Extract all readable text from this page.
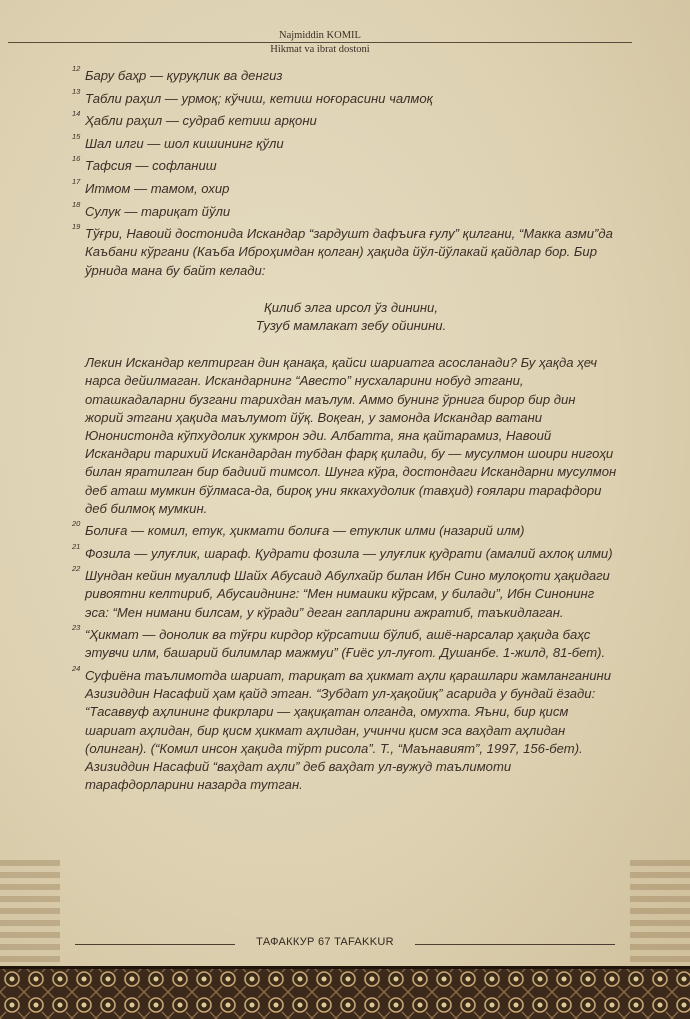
Najmiddin KOMIL
Hikmat va ibrat dostoni
12 Бару баҳр — қуруқлик ва денгиз

13 Табли раҳил — урмоқ; кўчиш, кетиш ноғорасини чалмоқ

14 Ҳабли раҳил — судраб кетиш арқони

15 Шал илги — шол кишининг қўли

16 Тафсия — софланиш

17 Итмом — тамом, охир

18 Сулук — тариқат йўли

19 Тўғри, Навоий достонида Искандар “зардушт дафъиға ғулу” қилгани, “Макка азми”да Каъбани кўргани (Каъба Иброҳимдан қолган) ҳақида йўл-йўлакай қайдлар бор. Бир ўрнида мана бу байт келади:

Қилиб элга ирсол ўз динини,
Тузуб мамлакат зебу ойинини.

Лекин Искандар келтирган дин қанақа, қайси шариатга асосланади? Бу ҳақда ҳеч нарса дейилмаган. Искандарнинг “Авесто” нусхаларини нобуд этгани, оташкадаларни бузгани тарихдан маълум. Аммо бунинг ўрнига бирор бир дин жорий этгани ҳақида маълумот йўқ. Воқеан, у замонда Искандар ватани Юнонистонда кўпхудолик ҳукмрон эди. Албатта, яна қайтарамиз, Навоий Искандари тарихий Искандардан тубдан фарқ қилади, бу — мусулмон шоири нигоҳи билан яратилган бир бадиий тимсол. Шунга кўра, достондаги Искандарни мусулмон деб аташ мумкин бўлмаса-да, бироқ уни яккахудолик (тавҳид) ғоялари тарафдори деб билмоқ мумкин.

20 Болиға — комил, етук, ҳикмати болиға — етуклик илми (назарий илм)

21 Фозила — улуғлик, шараф. Қудрати фозила — улуғлик қудрати (амалий ахлоқ илми)

22 Шундан кейин муаллиф Шайх Абусаид Абулхайр билан Ибн Сино мулоқоти ҳақидаги ривоятни келтириб, Абусаиднинг: “Мен нимаики кўрсам, у билади”, Ибн Синонинг эса: “Мен нимани билсам, у кўради” деган гапларини ажратиб, таъкидлаган.

23 “Ҳикмат — донолик ва тўғри кирдор кўрсатиш бўлиб, ашё-нарсалар ҳақида баҳс этувчи илм, башарий билимлар мажмуи” (Ғиёс ул-луғот. Душанбе. 1-жилд, 81-бет).

24 Суфиёна таълимотда шариат, тариқат ва ҳикмат аҳли қарашлари жамланганини Азизиддин Насафий ҳам қайд этган. “Зубдат ул-ҳақойиқ” асарида у бундай ёзади: “Тасаввуф аҳлининг фикрлари — ҳақиқатан олганда, омухта. Яъни, бир қисм шариат аҳлидан, бир қисм ҳикмат аҳлидан, учинчи қисм эса ваҳдат аҳлидан (олинган). (“Комил инсон ҳақида тўрт рисола”. Т., “Маънавият”, 1997, 156-бет). Азизиддин Насафий “ваҳдат аҳли” деб ваҳдат ул-вужуд таълимоти тарафдорларини назарда тутган.

ТАФАККУР 67 TAFAKKUR
